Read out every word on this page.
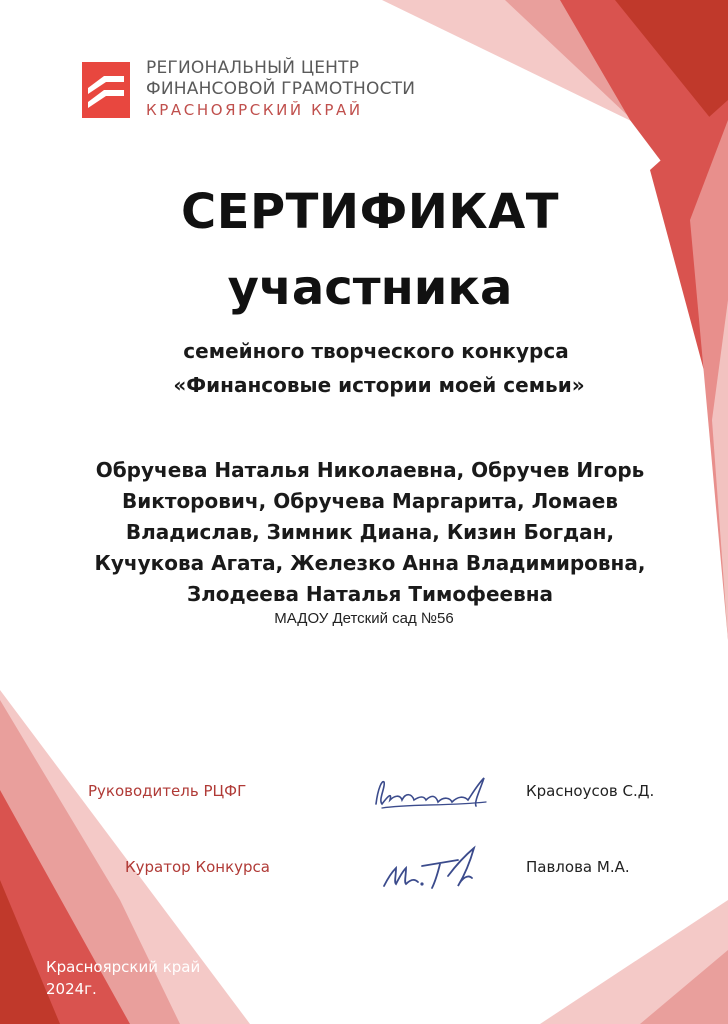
РЕГИОНАЛЬНЫЙ ЦЕНТР
ФИНАНСОВОЙ ГРАМОТНОСТИ
КРАСНОЯРСКИЙ КРАЙ
СЕРТИФИКАТ
участника
семейного творческого конкурса
«Финансовые истории моей семьи»
Обручева Наталья Николаевна, Обручев Игорь
Викторович, Обручева Маргарита, Ломаев
Владислав, Зимник Диана, Кизин Богдан,
Кучукова Агата, Железко Анна Владимировна,
Злодеева Наталья Тимофеевна
МАДОУ Детский сад №56
Руководитель РЦФГ	Красноусов С.Д.
Куратор Конкурса	Павлова М.А.
Красноярский край
2024г.
